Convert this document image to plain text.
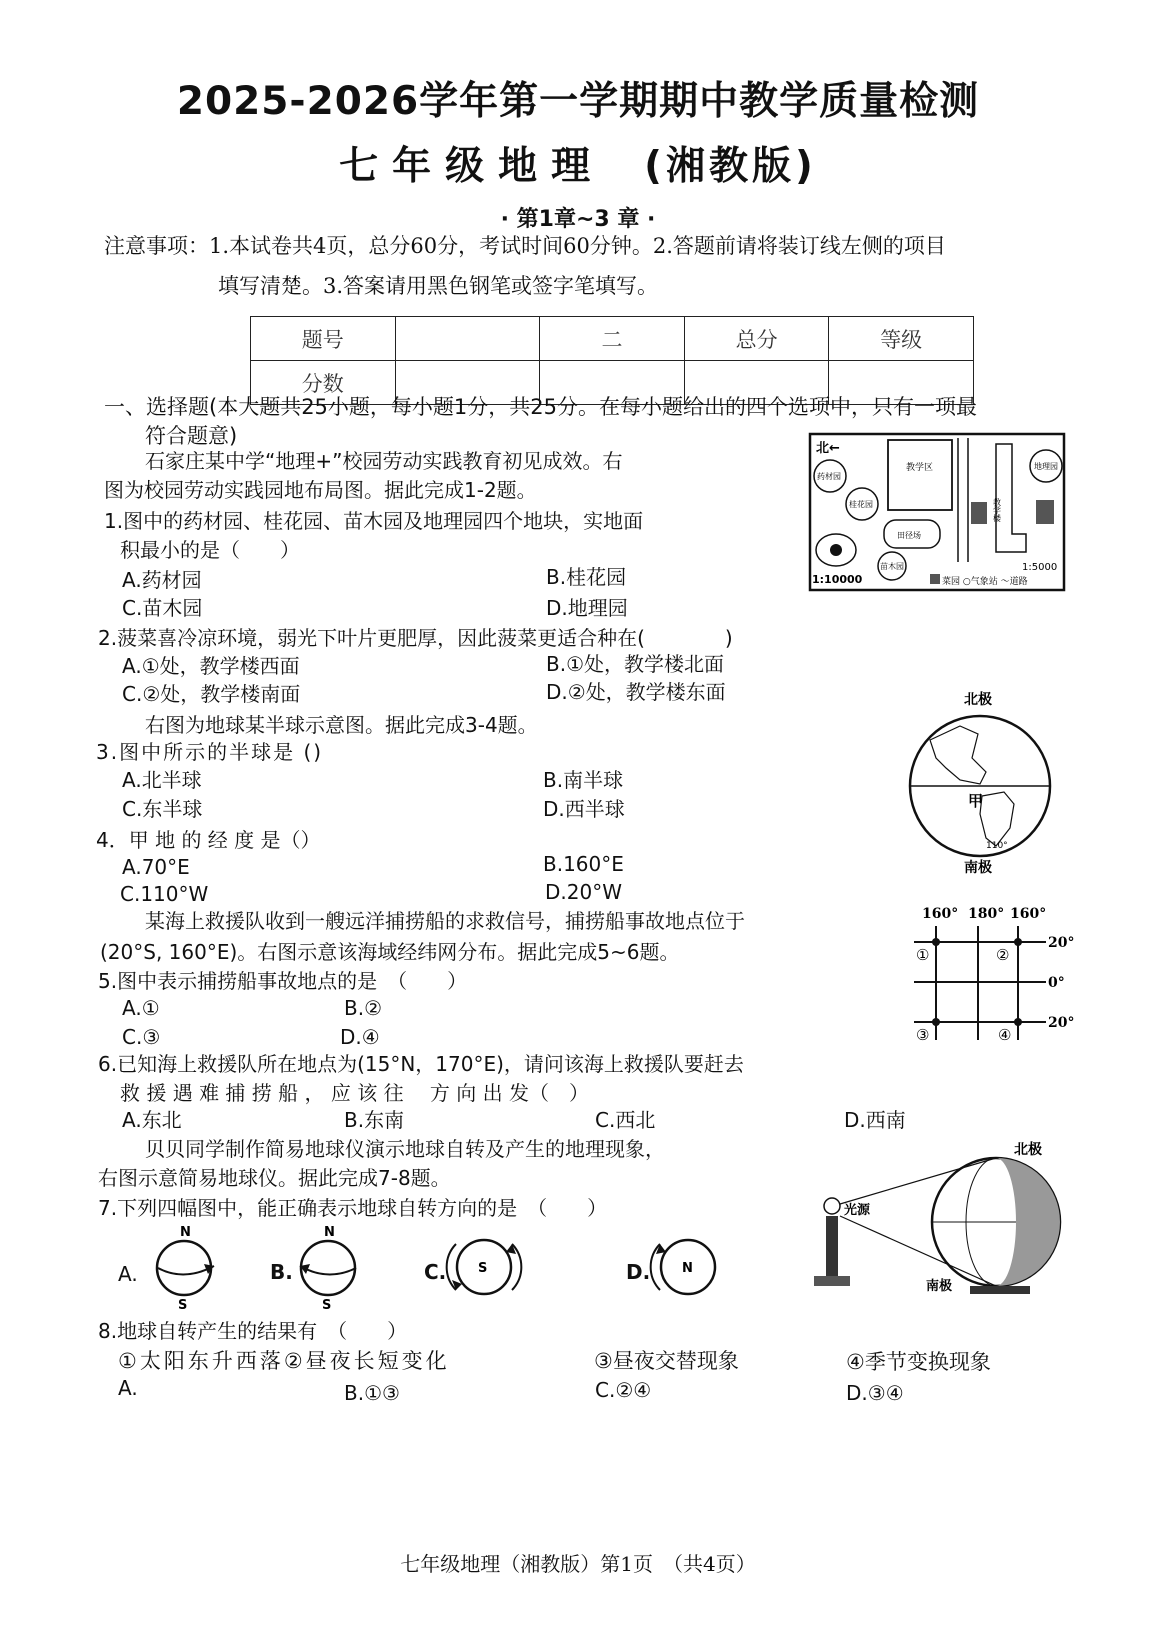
2025-2026学年第一学期期中教学质量检测
七年级地理 (湘教版)
· 第1章~3 章 ·
注意事项：1.本试卷共4页，总分60分，考试时间60分钟。2.答题前请将装订线左侧的项目
填写清楚。3.答案请用黑色钢笔或签字笔填写。
题号		二	总分	等级
分数				
一、选择题(本大题共25小题，每小题1分，共25分。在每小题给出的四个选项中，只有一项最
符合题意)
石家庄某中学“地理+”校园劳动实践教育初见成效。右
图为校园劳动实践园地布局图。据此完成1-2题。
1.图中的药材园、桂花园、苗木园及地理园四个地块，实地面
积最小的是（　　）
A.药材园	B.桂花园
C.苗木园	D.地理园
2.菠菜喜冷凉环境，弱光下叶片更肥厚，因此菠菜更适合种在(　　　　)
A.①处，教学楼西面	B.①处，教学楼北面
C.②处，教学楼南面	D.②处，教学楼东面
右图为地球某半球示意图。据此完成3-4题。
3.图中所示的半球是 ()
A.北半球	B.南半球
C.东半球	D.西半球
4．甲 地 的 经 度 是（）
A.70°E	B.160°E
C.110°W	D.20°W
某海上救援队收到一艘远洋捕捞船的求救信号，捕捞船事故地点位于
(20°S, 160°E)。右图示意该海域经纬网分布。据此完成5~6题。
5.图中表示捕捞船事故地点的是　（　　）
A.①	B.②
C.③	D.④
6.已知海上救援队所在地点为(15°N，170°E)，请问该海上救援队要赶去
救 援 遇 难 捕 捞 船 ， 应 该 往　 方 向 出 发（　）
A.东北	B.东南	C.西北	D.西南
贝贝同学制作简易地球仪演示地球自转及产生的地理现象，
右图示意简易地球仪。据此完成7-8题。
7.下列四幅图中，能正确表示地球自转方向的是　（　　）
A.
N
S
B.
N
S
C. S	D. N
8.地球自转产生的结果有　（　　）
①太阳东升西落②昼夜长短变化	③昼夜交替现象	④季节变换现象
A.	B.①③	C.②④	D.③④
北←
教学区
药材园
桂花园
田径场
苗木园
教学楼
地理园
1:10000
1:5000
菜园 ○气象站 〜道路
北极
甲
110°
南极
160° 180° 160°
20°
0°
20°
①	②
③	④
北极
光源
南极
七年级地理（湘教版）第1页　（共4页）
